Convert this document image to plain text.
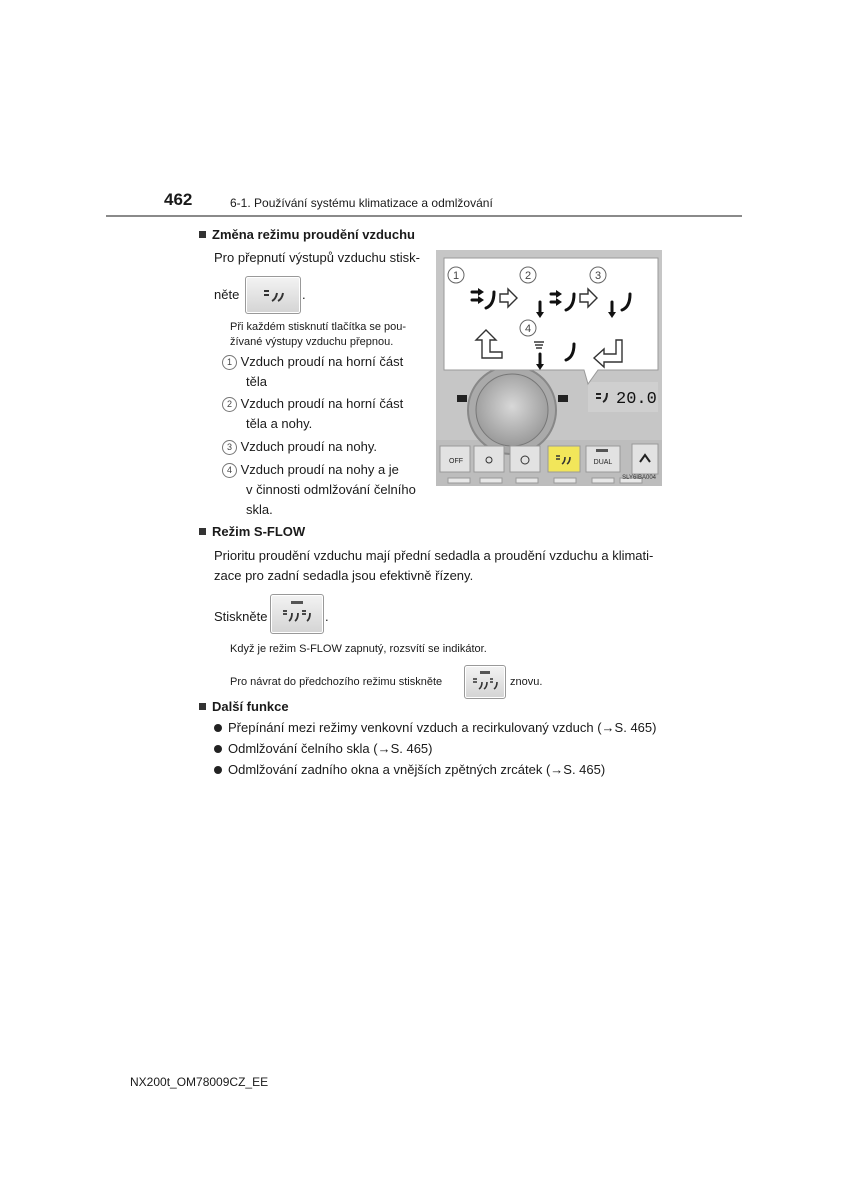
462	6-1. Používání systému klimatizace a odmlžování
Změna režimu proudění vzduchu
Pro přepnutí výstupů vzduchu stisk-
něte	.
Při každém stisknutí tlačítka se pou-
žívané výstupy vzduchu přepnou.
1 Vzduch proudí na horní část
těla
2 Vzduch proudí na horní část
těla a nohy.
3 Vzduch proudí na nohy.
4 Vzduch proudí na nohy a je
v činnosti odmlžování čelního
skla.
1	2	3
4
20.0
OFF	DUAL
SLY6IBA004
Režim S-FLOW
Prioritu proudění vzduchu mají přední sedadla a proudění vzduchu a klimati-
zace pro zadní sedadla jsou efektivně řízeny.
Stiskněte	.
Když je režim S-FLOW zapnutý, rozsvítí se indikátor.
Pro návrat do předchozího režimu stiskněte	znovu.
Další funkce
Přepínání mezi režimy venkovní vzduch a recirkulovaný vzduch (→S. 465)
Odmlžování čelního skla (→S. 465)
Odmlžování zadního okna a vnějších zpětných zrcátek (→S. 465)
NX200t_OM78009CZ_EE
